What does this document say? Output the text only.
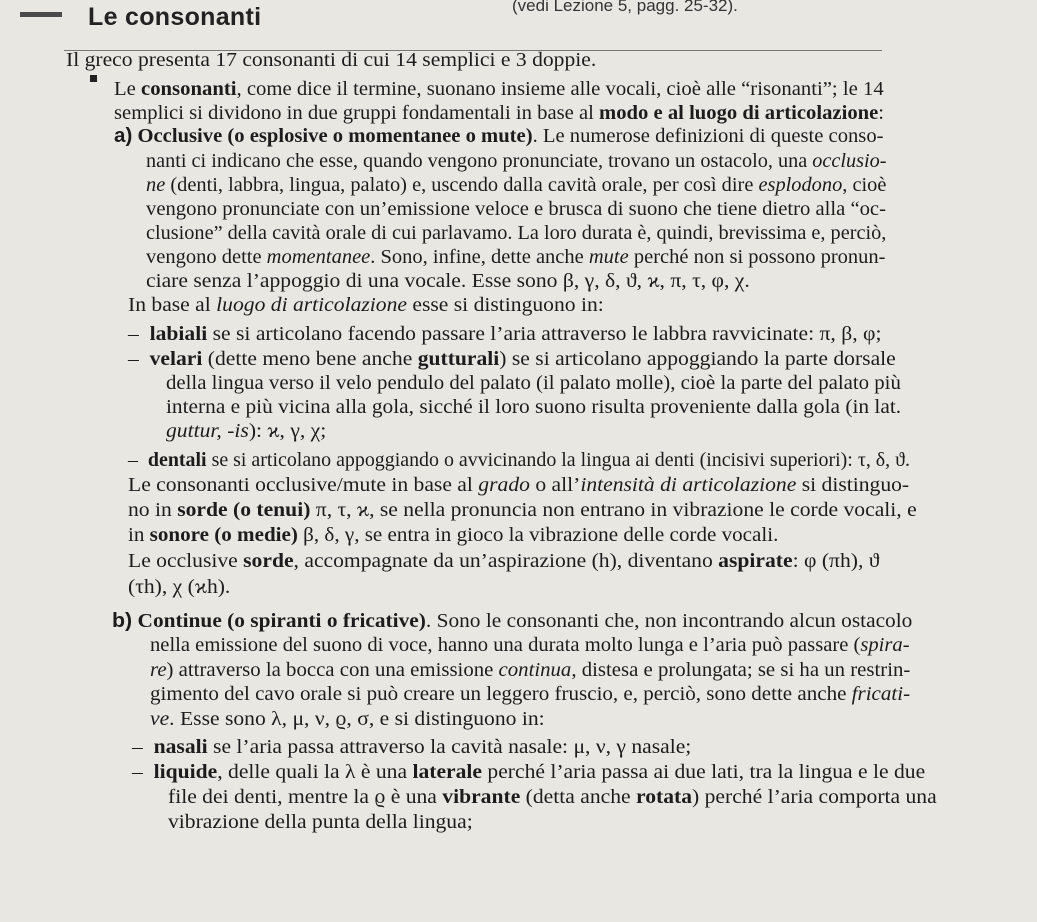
(vedi Lezione 5, pagg. 25-32).
Le consonanti
Il greco presenta 17 consonanti di cui 14 semplici e 3 doppie.
Le consonanti, come dice il termine, suonano insieme alle vocali, cioè alle “risonanti”; le 14
semplici si dividono in due gruppi fondamentali in base al modo e al luogo di articolazione:
a) Occlusive (o esplosive o momentanee o mute). Le numerose definizioni di queste conso-
nanti ci indicano che esse, quando vengono pronunciate, trovano un ostacolo, una occlusio-
ne (denti, labbra, lingua, palato) e, uscendo dalla cavità orale, per così dire esplodono, cioè
vengono pronunciate con un’emissione veloce e brusca di suono che tiene dietro alla “oc-
clusione” della cavità orale di cui parlavamo. La loro durata è, quindi, brevissima e, perciò,
vengono dette momentanee. Sono, infine, dette anche mute perché non si possono pronun-
ciare senza l’appoggio di una vocale. Esse sono β, γ, δ, ϑ, ϰ, π, τ, φ, χ.
In base al luogo di articolazione esse si distinguono in:
–  labiali se si articolano facendo passare l’aria attraverso le labbra ravvicinate: π, β, φ;
–  velari (dette meno bene anche gutturali) se si articolano appoggiando la parte dorsale
della lingua verso il velo pendulo del palato (il palato molle), cioè la parte del palato più
interna e più vicina alla gola, sicché il loro suono risulta proveniente dalla gola (in lat.
guttur, -is): ϰ, γ, χ;
–  dentali se si articolano appoggiando o avvicinando la lingua ai denti (incisivi superiori): τ, δ, ϑ.
Le consonanti occlusive/mute in base al grado o all’intensità di articolazione si distinguo-
no in sorde (o tenui) π, τ, ϰ, se nella pronuncia non entrano in vibrazione le corde vocali, e
in sonore (o medie) β, δ, γ, se entra in gioco la vibrazione delle corde vocali.
Le occlusive sorde, accompagnate da un’aspirazione (h), diventano aspirate: φ (πh), ϑ
(τh), χ (ϰh).
b) Continue (o spiranti o fricative). Sono le consonanti che, non incontrando alcun ostacolo
nella emissione del suono di voce, hanno una durata molto lunga e l’aria può passare (spira-
re) attraverso la bocca con una emissione continua, distesa e prolungata; se si ha un restrin-
gimento del cavo orale si può creare un leggero fruscio, e, perciò, sono dette anche fricati-
ve. Esse sono λ, μ, ν, ϱ, σ, e si distinguono in:
–  nasali se l’aria passa attraverso la cavità nasale: μ, ν, γ nasale;
–  liquide, delle quali la λ è una laterale perché l’aria passa ai due lati, tra la lingua e le due
file dei denti, mentre la ϱ è una vibrante (detta anche rotata) perché l’aria comporta una
vibrazione della punta della lingua;
